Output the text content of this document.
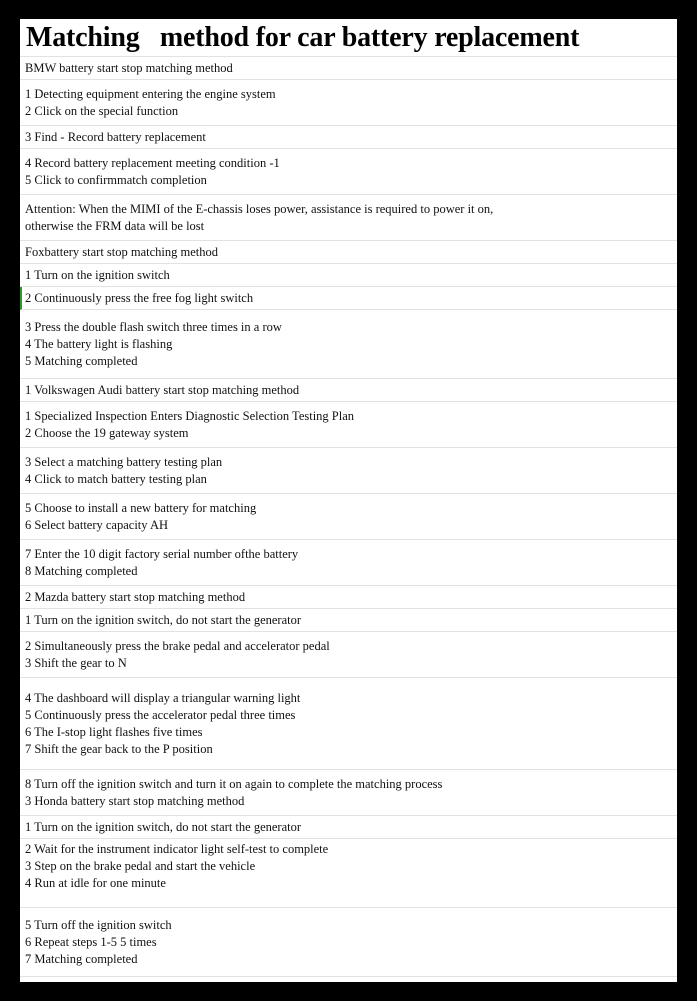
Matching   method for car battery replacement
BMW battery start stop matching method
1 Detecting equipment entering the engine system
2 Click on the special function
3 Find - Record battery replacement
4 Record battery replacement meeting condition -1
5 Click to confirmmatch completion
Attention: When the MIMI of the E-chassis loses power, assistance is required to power it on,
otherwise the FRM data will be lost
Foxbattery start stop matching method
1 Turn on the ignition switch
2 Continuously press the free fog light switch
3 Press the double flash switch three times in a row
4 The battery light is flashing
5 Matching completed
1 Volkswagen Audi battery start stop matching method
1 Specialized Inspection Enters Diagnostic Selection Testing Plan
2 Choose the 19 gateway system
3 Select a matching battery testing plan
4 Click to match battery testing plan
5 Choose to install a new battery for matching
6 Select battery capacity AH
7 Enter the 10 digit factory serial number ofthe battery
8 Matching completed
2 Mazda battery start stop matching method
1 Turn on the ignition switch, do not start the generator
2 Simultaneously press the brake pedal and accelerator pedal
3 Shift the gear to N
4 The dashboard will display a triangular warning light
5 Continuously press the accelerator pedal three times
6 The I-stop light flashes five times
7 Shift the gear back to the P position
8 Turn off the ignition switch and turn it on again to complete the matching process
3 Honda battery start stop matching method
1 Turn on the ignition switch, do not start the generator
2 Wait for the instrument indicator light self-test to complete
3 Step on the brake pedal and start the vehicle
4 Run at idle for one minute
5 Turn off the ignition switch
6 Repeat steps 1-5 5 times
7 Matching completed
